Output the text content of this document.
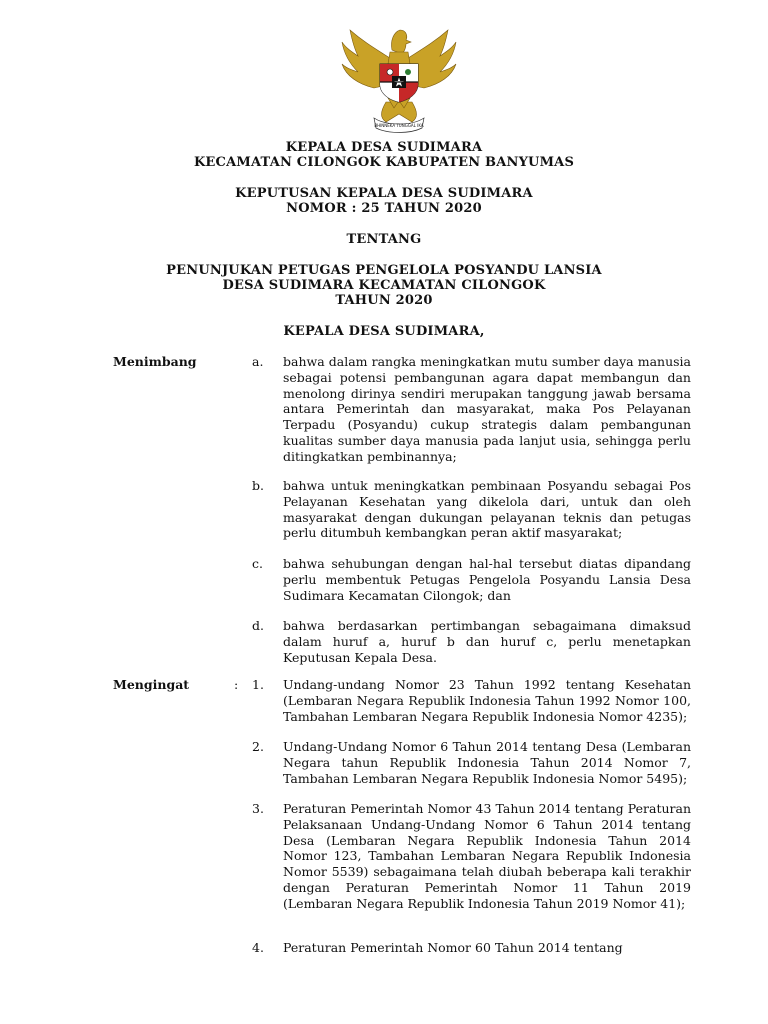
BHINNEKA TUNGGAL IKA
KEPALA DESA SUDIMARA
KECAMATAN CILONGOK KABUPATEN BANYUMAS
KEPUTUSAN KEPALA DESA SUDIMARA
NOMOR : 25 TAHUN 2020
TENTANG
PENUNJUKAN PETUGAS PENGELOLA POSYANDU LANSIA
DESA SUDIMARA KECAMATAN CILONGOK
TAHUN 2020
KEPALA DESA SUDIMARA,
Menimbang	a.	bahwa dalam rangka meningkatkan mutu sumber daya manusia sebagai potensi pembangunan agara dapat membangun dan menolong dirinya sendiri merupakan tanggung jawab bersama antara Pemerintah dan masyarakat, maka Pos Pelayanan Terpadu (Posyandu) cukup strategis dalam pembangunan kualitas sumber daya manusia pada lanjut usia, sehingga perlu ditingkatkan pembinannya;
b.	bahwa untuk meningkatkan pembinaan Posyandu sebagai Pos Pelayanan Kesehatan yang dikelola dari, untuk dan oleh masyarakat dengan dukungan pelayanan teknis dan petugas perlu ditumbuh kembangkan peran aktif masyarakat;
c.	bahwa sehubungan dengan hal-hal tersebut diatas dipandang perlu membentuk Petugas Pengelola Posyandu Lansia Desa Sudimara Kecamatan Cilongok; dan
d.	bahwa berdasarkan pertimbangan sebagaimana dimaksud dalam huruf a, huruf b dan huruf c, perlu menetapkan Keputusan Kepala Desa.
Mengingat	: 1.	Undang-undang Nomor 23 Tahun 1992 tentang Kesehatan (Lembaran Negara Republik Indonesia Tahun 1992 Nomor 100, Tambahan Lembaran Negara Republik Indonesia Nomor 4235);
2.	Undang-Undang Nomor 6 Tahun 2014 tentang Desa (Lembaran Negara tahun Republik Indonesia Tahun 2014 Nomor 7, Tambahan Lembaran Negara Republik Indonesia Nomor 5495);
3.	Peraturan Pemerintah Nomor 43 Tahun 2014 tentang Peraturan Pelaksanaan Undang-Undang Nomor 6 Tahun 2014 tentang Desa (Lembaran Negara Republik Indonesia Tahun 2014 Nomor 123, Tambahan Lembaran Negara Republik Indonesia Nomor 5539) sebagaimana telah diubah beberapa kali terakhir dengan Peraturan Pemerintah Nomor 11 Tahun 2019 (Lembaran Negara Republik Indonesia Tahun 2019 Nomor 41);
4.	Peraturan Pemerintah Nomor 60 Tahun 2014 tentang
